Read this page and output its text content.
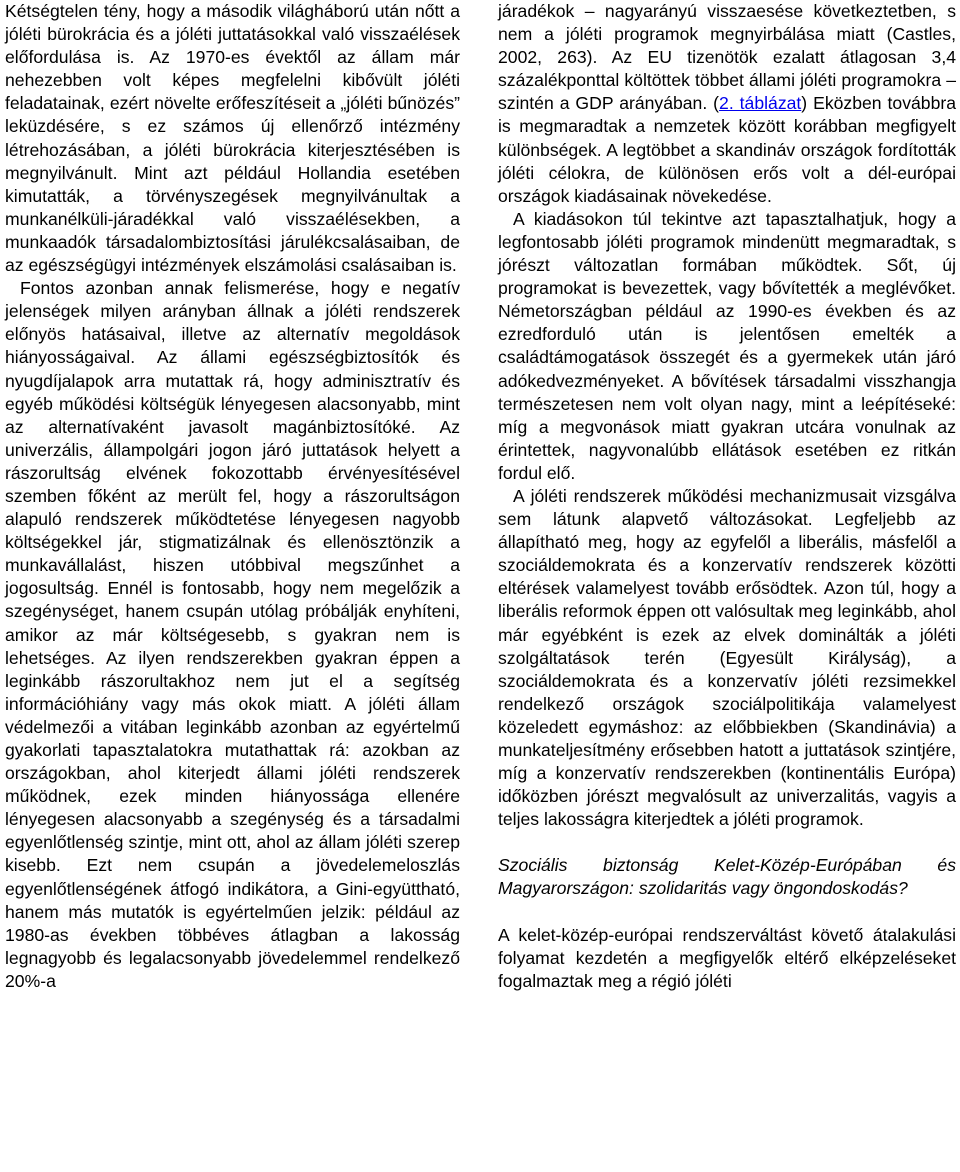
Kétségtelen tény, hogy a második világháború után nőtt a jóléti bürokrácia és a jóléti juttatásokkal való visszaélések előfordulása is. Az 1970-es évektől az állam már nehezebben volt képes megfelelni kibővült jóléti feladatainak, ezért növelte erőfeszítéseit a „jóléti bűnözés” leküzdésére, s ez számos új ellenőrző intézmény létrehozásában, a jóléti bürokrácia kiterjesztésében is megnyilvánult. Mint azt például Hollandia esetében kimutatták, a törvényszegések megnyilvánultak a munkanélküli-járadékkal való visszaélésekben, a munkaadók társadalombiztosítási járulékcsalásaiban, de az egészségügyi intézmények elszámolási csalásaiban is.

Fontos azonban annak felismerése, hogy e negatív jelenségek milyen arányban állnak a jóléti rendszerek előnyös hatásaival, illetve az alternatív megoldások hiányosságaival. Az állami egészségbiztosítók és nyugdíjalapok arra mutattak rá, hogy adminisztratív és egyéb működési költségük lényegesen alacsonyabb, mint az alternatívaként javasolt magánbiztosítóké. Az univerzális, állampolgári jogon járó juttatások helyett a rászorultság elvének fokozottabb érvényesítésével szemben főként az merült fel, hogy a rászorultságon alapuló rendszerek működtetése lényegesen nagyobb költségekkel jár, stigmatizálnak és ellenösztönzik a munkavállalást, hiszen utóbbival megszűnhet a jogosultság. Ennél is fontosabb, hogy nem megelőzik a szegénységet, hanem csupán utólag próbálják enyhíteni, amikor az már költségesebb, s gyakran nem is lehetséges. Az ilyen rendszerekben gyakran éppen a leginkább rászorultakhoz nem jut el a segítség információhiány vagy más okok miatt. A jóléti állam védelmezői a vitában leginkább azonban az egyértelmű gyakorlati tapasztalatokra mutathattak rá: azokban az országokban, ahol kiterjedt állami jóléti rendszerek működnek, ezek minden hiányossága ellenére lényegesen alacsonyabb a szegénység és a társadalmi egyenlőtlenség szintje, mint ott, ahol az állam jóléti szerep kisebb. Ezt nem csupán a jövedelemeloszlás egyenlőtlenségének átfogó indikátora, a Gini-együttható, hanem más mutatók is egyértelműen jelzik: például az 1980-as években többéves átlagban a lakosság legnagyobb és legalacsonyabb jövedelemmel rendelkező 20%-a

járadékok – nagyarányú visszaesése következtetben, s nem a jóléti programok megnyirbálása miatt (Castles, 2002, 263). Az EU tizenötök ezalatt átlagosan 3,4 százalékponttal költöttek többet állami jóléti programokra – szintén a GDP arányában. (2. táblázat) Eközben továbbra is megmaradtak a nemzetek között korábban megfigyelt különbségek. A legtöbbet a skandináv országok fordították jóléti célokra, de különösen erős volt a dél-európai országok kiadásainak növekedése.

A kiadásokon túl tekintve azt tapasztalhatjuk, hogy a legfontosabb jóléti programok mindenütt megmaradtak, s jórészt változatlan formában működtek. Sőt, új programokat is bevezettek, vagy bővítették a meglévőket. Németországban például az 1990-es években és az ezredforduló után is jelentősen emelték a családtámogatások összegét és a gyermekek után járó adókedvezményeket. A bővítések társadalmi visszhangja természetesen nem volt olyan nagy, mint a leépítéseké: míg a megvonások miatt gyakran utcára vonulnak az érintettek, nagyvonalúbb ellátások esetében ez ritkán fordul elő.

A jóléti rendszerek működési mechanizmusait vizsgálva sem látunk alapvető változásokat. Legfeljebb az állapítható meg, hogy az egyfelől a liberális, másfelől a szociáldemokrata és a konzervatív rendszerek közötti eltérések valamelyest tovább erősödtek. Azon túl, hogy a liberális reformok éppen ott valósultak meg leginkább, ahol már egyébként is ezek az elvek dominálták a jóléti szolgáltatások terén (Egyesült Királyság), a szociáldemokrata és a konzervatív jóléti rezsimekkel rendelkező országok szociálpolitikája valamelyest közeledett egymáshoz: az előbbiekben (Skandinávia) a munkateljesítmény erősebben hatott a juttatások szintjére, míg a konzervatív rendszerekben (kontinentális Európa) időközben jórészt megvalósult az univerzalitás, vagyis a teljes lakosságra kiterjedtek a jóléti programok.

Szociális biztonság Kelet-Közép-Európában és Magyarországon: szolidaritás vagy öngondoskodás?

A kelet-közép-európai rendszerváltást követő átalakulási folyamat kezdetén a megfigyelők eltérő elképzeléseket fogalmaztak meg a régió jóléti
